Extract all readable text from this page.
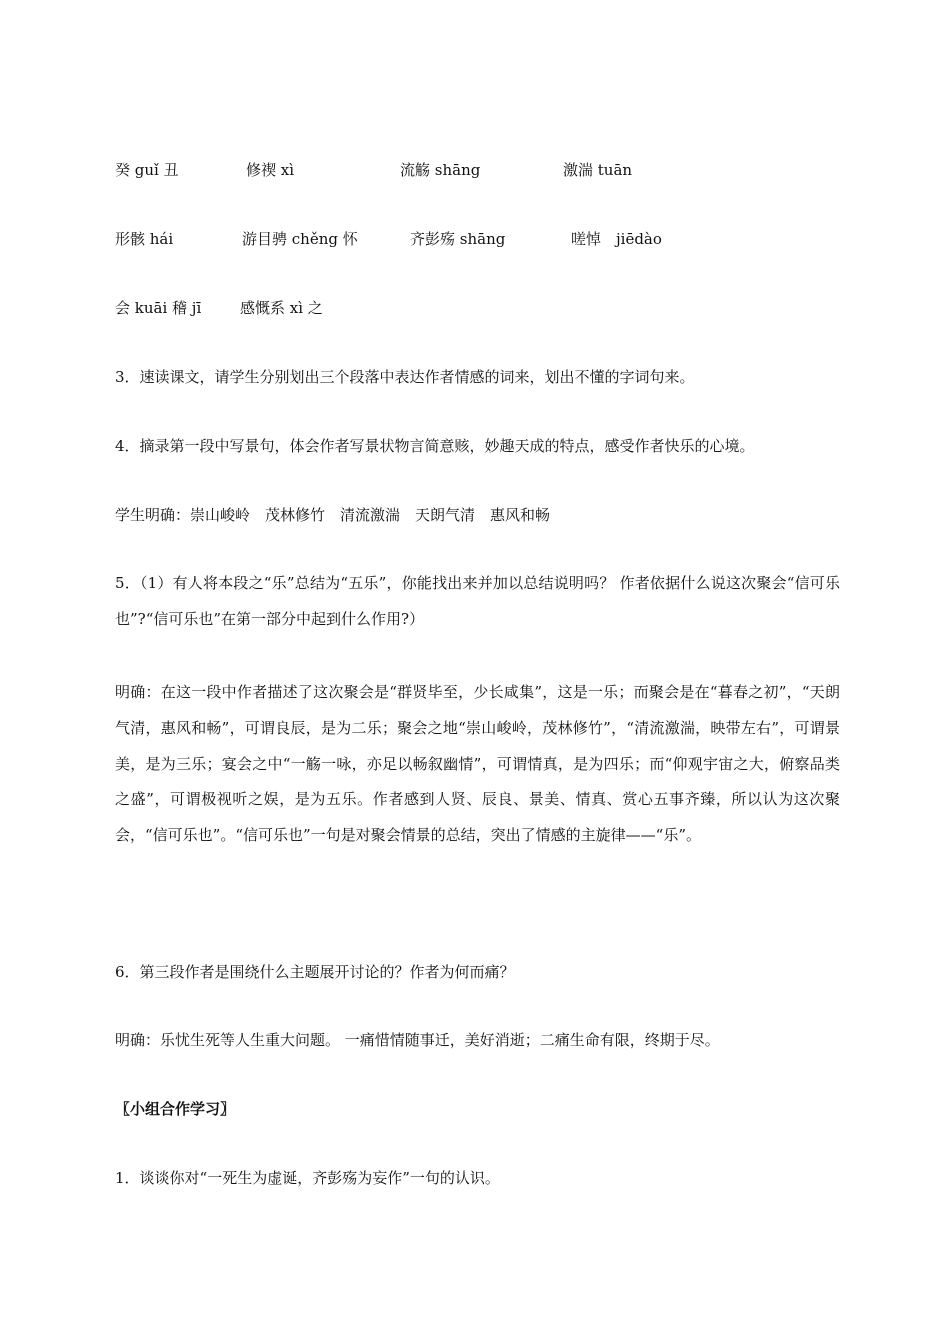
癸 guǐ 丑	修禊 xì	流觞 shāng	激湍 tuān
形骸 hái	游目骋 chěng 怀	齐彭殇 shāng	嗟悼　jiēdào
会 kuāi 稽 jī	感慨系 xì 之
3．速读课文，请学生分别划出三个段落中表达作者情感的词来，划出不懂的字词句来。
4．摘录第一段中写景句，体会作者写景状物言简意赅，妙趣天成的特点，感受作者快乐的心境。
学生明确：崇山峻岭　茂林修竹　清流激湍　天朗气清　惠风和畅
5．（1）有人将本段之“乐”总结为“五乐”，你能找出来并加以总结说明吗？ 作者依据什么说这次聚会“信可乐也”?“信可乐也”在第一部分中起到什么作用?）
明确：在这一段中作者描述了这次聚会是“群贤毕至，少长咸集”，这是一乐；而聚会是在“暮春之初”，“天朗气清，惠风和畅”，可谓良辰，是为二乐；聚会之地“崇山峻岭，茂林修竹”，“清流激湍，映带左右”，可谓景美，是为三乐；宴会之中“一觞一咏，亦足以畅叙幽情”，可谓情真，是为四乐；而“仰观宇宙之大，俯察品类之盛”，可谓极视听之娱，是为五乐。作者感到人贤、辰良、景美、情真、赏心五事齐臻，所以认为这次聚会，“信可乐也”。“信可乐也”一句是对聚会情景的总结，突出了情感的主旋律——“乐”。
6．第三段作者是围绕什么主题展开讨论的？作者为何而痛？
明确：乐忧生死等人生重大问题。 一痛惜情随事迁，美好消逝；二痛生命有限，终期于尽。
〖小组合作学习〗
1．谈谈你对“一死生为虚诞，齐彭殇为妄作”一句的认识。
